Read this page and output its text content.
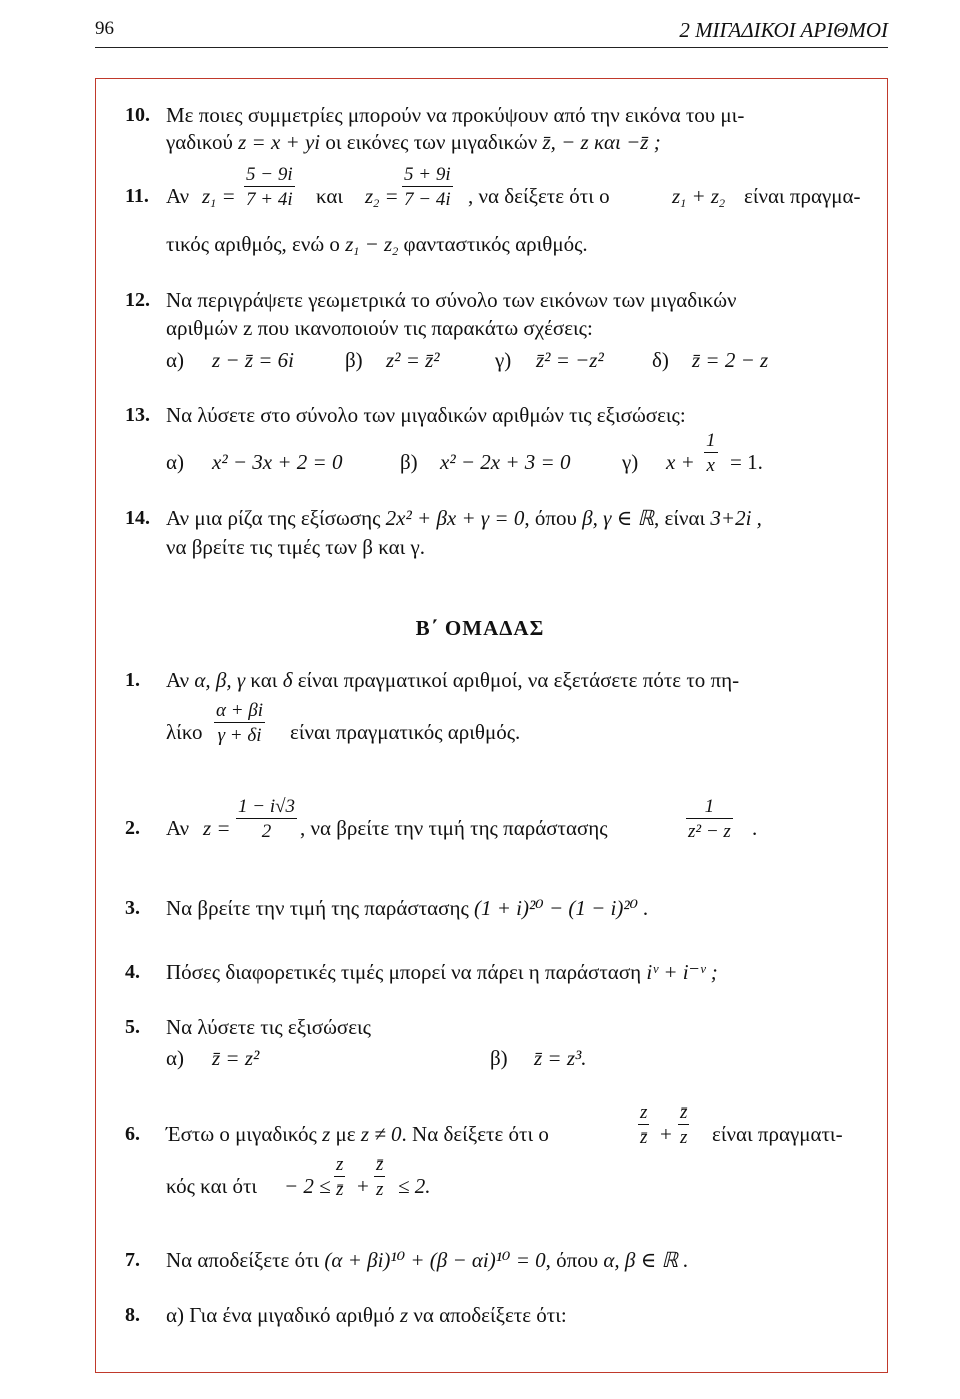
96	2 ΜΙΓΑΔΙΚΟΙ ΑΡΙΘΜΟΙ
10. Με ποιες συμμετρίες μπορούν να προκύψουν από την εικόνα του μι-
γαδικού z = x + yi οι εικόνες των μιγαδικών z̄, − z και −z̄ ;
11. Αν $z_1 = \frac{5 - 9i}{7 + 4i}$ και $z_2 = \frac{5 + 9i}{7 - 4i}$ , να δείξετε ότι ο	$z_1 + z_2$ είναι πραγμα-
τικός αριθμός, ενώ ο $z_1 - z_2$ φανταστικός αριθμός.
12. Να περιγράψετε γεωμετρικά το σύνολο των εικόνων των μιγαδικών
αριθμών z που ικανοποιούν τις παρακάτω σχέσεις:
α) z − z̄ = 6i β) z² = z̄²	γ) z̄² = −z² δ) z̄ = 2 − z
13. Να λύσετε στο σύνολο των μιγαδικών αριθμών τις εξισώσεις:
α) x² − 3x + 2 = 0	β) x² − 2x + 3 = 0 γ) $x + \frac{1}{x} = 1$.
14. Αν μια ρίζα της εξίσωσης 2x² + βx + γ = 0, όπου β, γ ∈ ℝ, είναι 3+2i ,
να βρείτε τις τιμές των β και γ.
Β΄ ΟΜΑΔΑΣ
1. Αν α, β, γ και δ είναι πραγματικοί αριθμοί, να εξετάσετε πότε το πη-
λίκο $\frac{\alpha + \beta i}{\gamma + \delta i}$ είναι πραγματικός αριθμός.
2. Αν $z = \frac{1 - i√3}{2}$ , να βρείτε την τιμή της παράστασης	$\frac{1}{\text{z² − z}}$ .
3. Να βρείτε την τιμή της παράστασης (1 + i)²⁰ − (1 − i)²⁰ .
4. Πόσες διαφορετικές τιμές μπορεί να πάρει η παράσταση iᵛ + i⁻ᵛ ;
5. Να λύσετε τις εξισώσεις
α) z̄ = z²	β) z̄ = z³.
6. Έστω ο μιγαδικός z με z ≠ 0. Να δείξετε ότι ο	$\frac{z}{z̄} + \frac{z̄}{z}$ είναι πραγματι-
κός και $ό\tau\iota - 2 \le \frac{z}{z̄} + \frac{z̄}{z} \le 2$.
7. Να αποδείξετε ότι (α + βi)¹⁰ + (β − αi)¹⁰ = 0, όπου α, β ∈ ℝ .
8. α) Για ένα μιγαδικό αριθμό z να αποδείξετε ότι:
